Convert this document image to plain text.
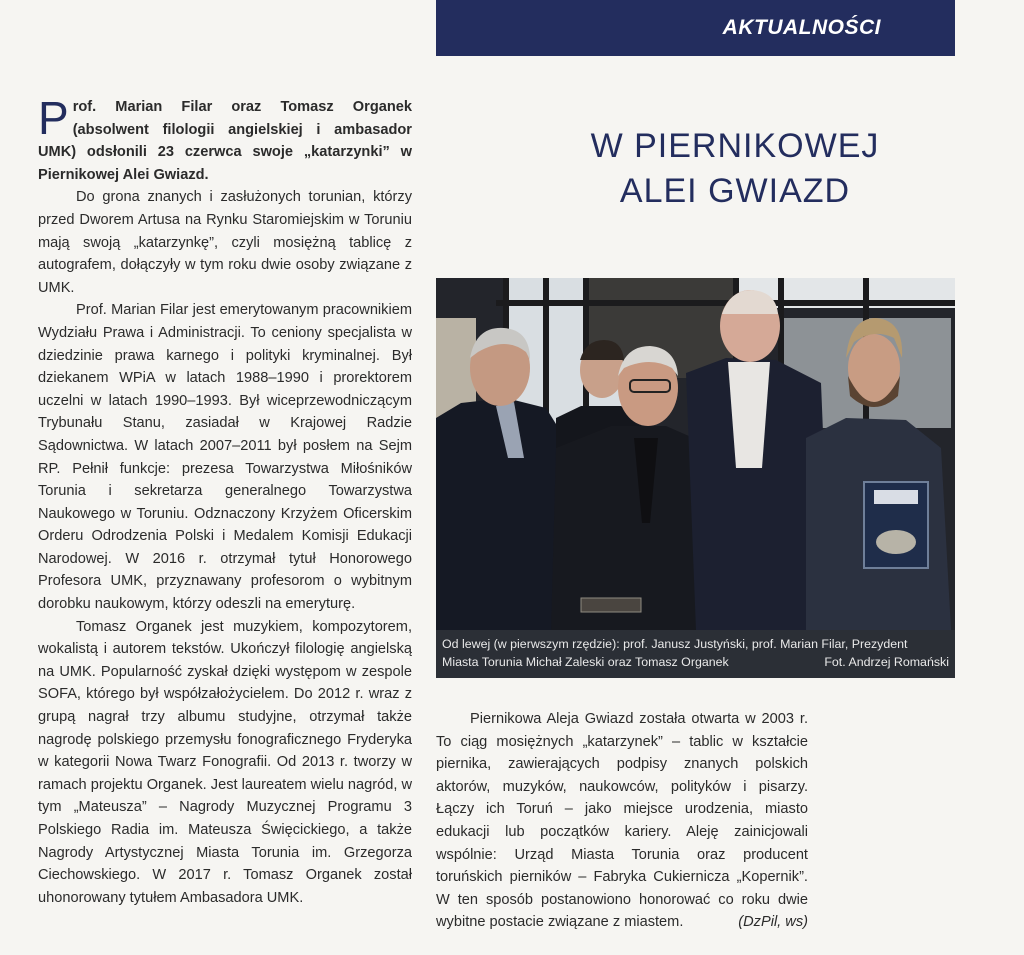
AKTUALNOŚCI

Prof. Marian Filar oraz Tomasz Organek (absolwent filologii angielskiej i ambasador UMK) odsłonili 23 czerwca swoje „katarzynki” w Piernikowej Alei Gwiazd.

Do grona znanych i zasłużonych torunian, którzy przed Dworem Artusa na Rynku Staromiejskim w Toruniu mają swoją „katarzynkę”, czyli mosiężną tablicę z autografem, dołączyły w tym roku dwie osoby związane z UMK.

Prof. Marian Filar jest emerytowanym pracownikiem Wydziału Prawa i Administracji. To ceniony specjalista w dziedzinie prawa karnego i polityki kryminalnej. Był dziekanem WPiA w latach 1988–1990 i prorektorem uczelni w latach 1990–1993. Był wiceprzewodniczącym Trybunału Stanu, zasiadał w Krajowej Radzie Sądownictwa. W latach 2007–2011 był posłem na Sejm RP. Pełnił funkcje: prezesa Towarzystwa Miłośników Torunia i sekretarza generalnego Towarzystwa Naukowego w Toruniu. Odznaczony Krzyżem Oficerskim Orderu Odrodzenia Polski i Medalem Komisji Edukacji Narodowej. W 2016 r. otrzymał tytuł Honorowego Profesora UMK, przyznawany profesorom o wybitnym dorobku naukowym, którzy odeszli na emeryturę.

Tomasz Organek jest muzykiem, kompozytorem, wokalistą i autorem tekstów. Ukończył filologię angielską na UMK. Popularność zyskał dzięki występom w zespole SOFA, którego był współzałożycielem. Do 2012 r. wraz z grupą nagrał trzy albumu studyjne, otrzymał także nagrodę polskiego przemysłu fonograficznego Fryderyka w kategorii Nowa Twarz Fonografii. Od 2013 r. tworzy w ramach projektu Organek. Jest laureatem wielu nagród, w tym „Mateusza” – Nagrody Muzycznej Programu 3 Polskiego Radia im. Mateusza Święcickiego, a także Nagrody Artystycznej Miasta Torunia im. Grzegorza Ciechowskiego. W 2017 r. Tomasz Organek został uhonorowany tytułem Ambasadora UMK.

W PIERNIKOWEJ
ALEI GWIAZD
Od lewej (w pierwszym rzędzie): prof. Janusz Justyński, prof. Marian Filar, Prezydent
Miasta Torunia Michał Zaleski oraz Tomasz Organek	Fot. Andrzej Romański

Piernikowa Aleja Gwiazd została otwarta w 2003 r. To ciąg mosiężnych „katarzynek” – tablic w kształcie piernika, zawierających podpisy znanych polskich aktorów, muzyków, naukowców, polityków i pisarzy. Łączy ich Toruń – jako miejsce urodzenia, miasto edukacji lub początków kariery. Aleję zainicjowali wspólnie: Urząd Miasta Torunia oraz producent toruńskich pierników – Fabryka Cukiernicza „Kopernik”. W ten sposób postanowiono honorować co roku dwie wybitne postacie związane z miastem.	(DzPil, ws)
